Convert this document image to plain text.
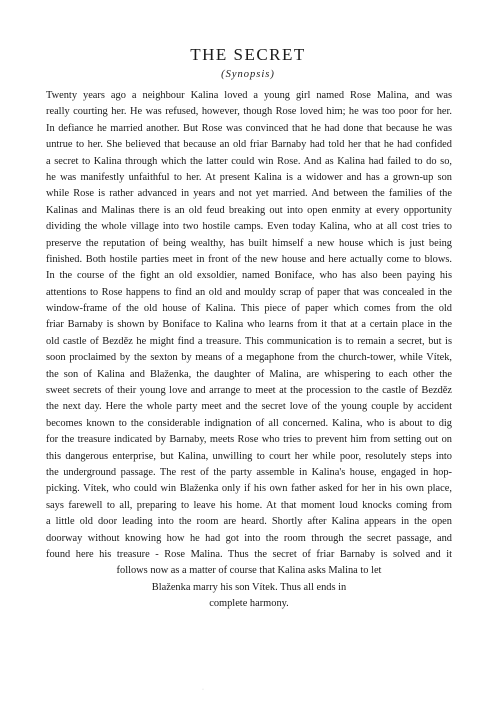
THE SECRET
(Synopsis)
Twenty years ago a neighbour Kalina loved a young girl named Rose Malina, and was
really courting her. He was refused, however, though Rose loved him; he was too poor for her.
In defiance he married another. But Rose was convinced that he had done that because he was
untrue to her. She believed that because an old friar Barnaby had told her that he had confided
a secret to Kalina through which the latter could win Rose. And as Kalina had failed to do so,
he was manifestly unfaithful to her. At present Kalina is a widower and has a grown-up son
while Rose is rather advanced in years and not yet married. And between the families of the
Kalinas and Malinas there is an old feud breaking out into open enmity at every opportunity
dividing the whole village into two hostile camps. Even today Kalina, who at all cost tries to
preserve the reputation of being wealthy, has built himself a new house which is just being
finished. Both hostile parties meet in front of the new house and here actually come to blows.
In the course of the fight an old exsoldier, named Boniface, who has also been paying his
attentions to Rose happens to find an old and mouldy scrap of paper that was concealed in the
window-frame of the old house of Kalina. This piece of paper which comes from the old
friar Barnaby is shown by Boniface to Kalina who learns from it that at a certain place in the
old castle of Bezděz he might find a treasure. This communication is to remain a secret, but is
soon proclaimed by the sexton by means of a megaphone from the church-tower, while Vítek,
the son of Kalina and Blaženka, the daughter of Malina, are whispering to each other the
sweet secrets of their young love and arrange to meet at the procession to the castle of Bezděz
the next day. Here the whole party meet and the secret love of the young couple by accident
becomes known to the considerable indignation of all concerned. Kalina, who is about to dig
for the treasure indicated by Barnaby, meets Rose who tries to prevent him from setting out on
this dangerous enterprise, but Kalina, unwilling to court her while poor, resolutely steps into
the underground passage. The rest of the party assemble in Kalina's house, engaged in hop-
picking. Vítek, who could win Blaženka only if his own father asked for her in his own place,
says farewell to all, preparing to leave his home. At that moment loud knocks coming from
a little old door leading into the room are heard. Shortly after Kalina appears in the open
doorway without knowing how he had got into the room through the secret passage, and
found here his treasure - Rose Malina. Thus the secret of friar Barnaby is solved and it
follows now as a matter of course that Kalina asks Malina to let
Blaženka marry his son Vítek. Thus all ends in
complete harmony.
·
